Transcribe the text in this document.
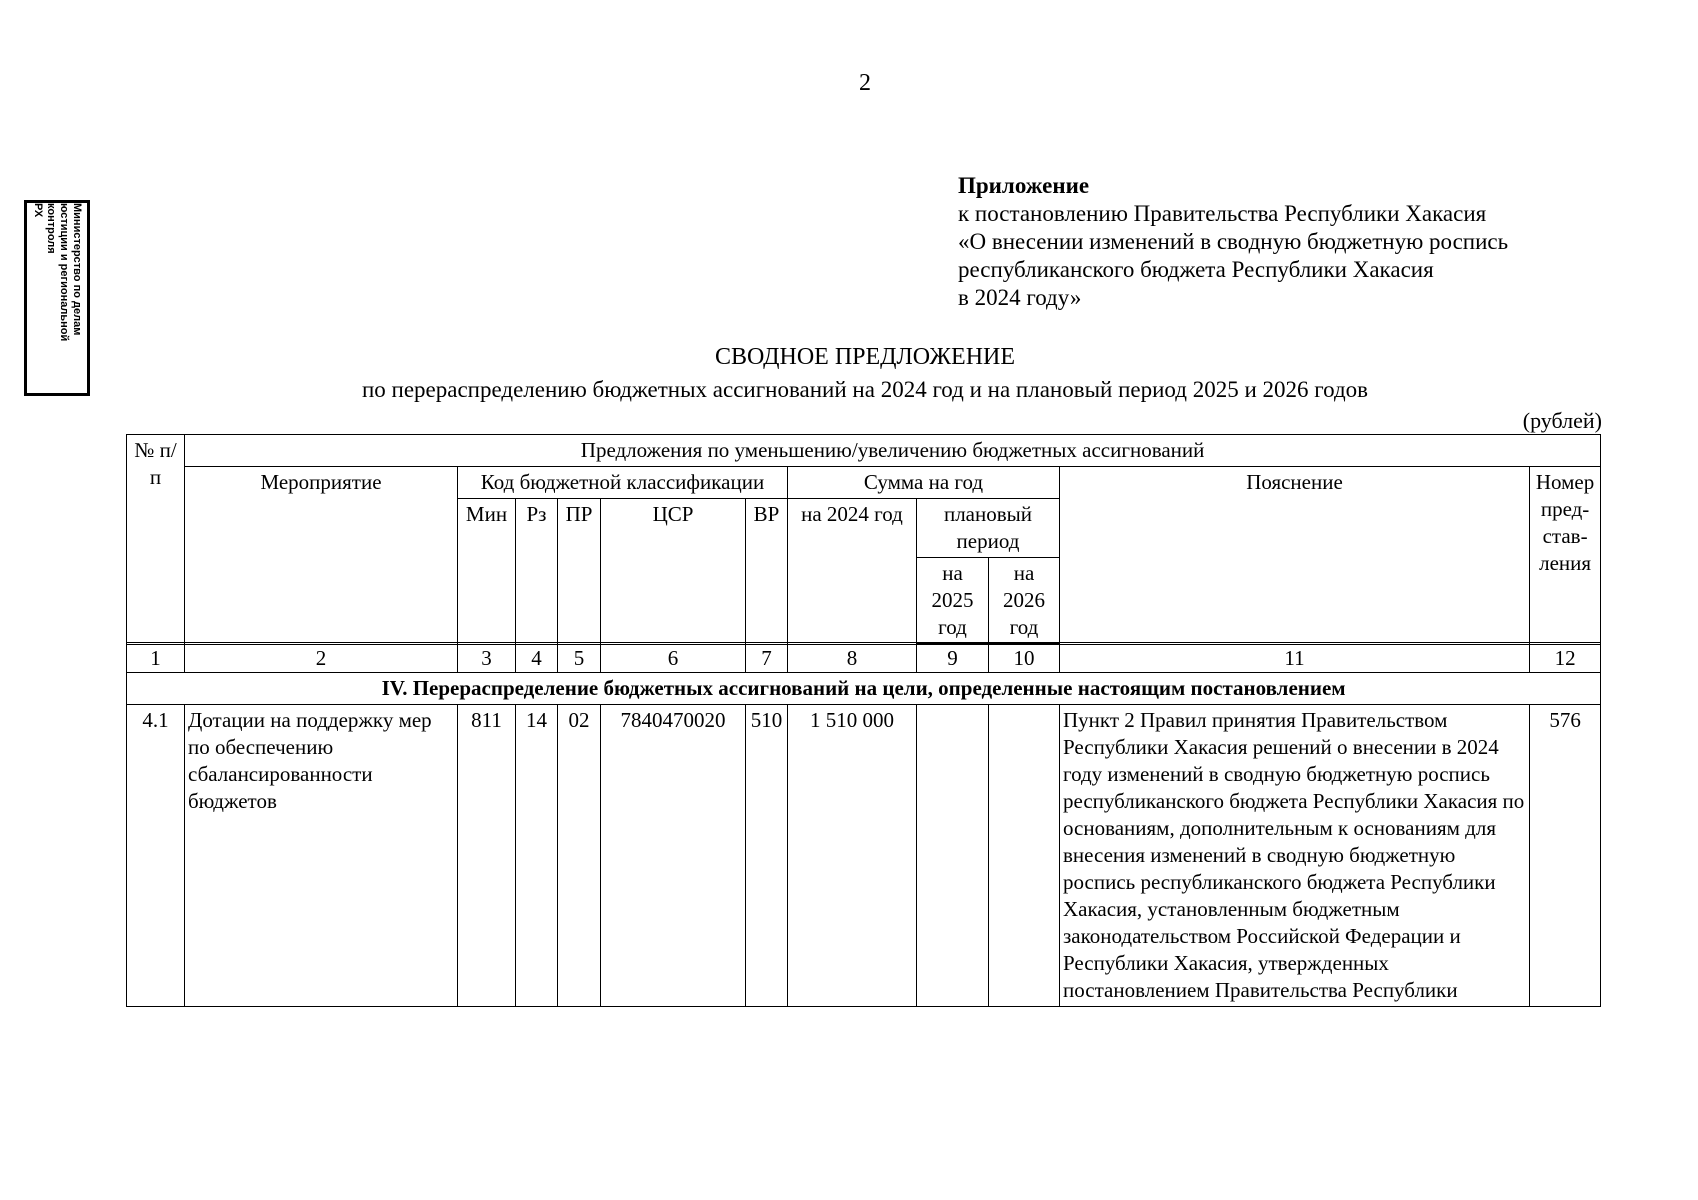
2
Министерство по делам
юстиции и региональной
контроля
РХ
Приложение
к постановлению Правительства Республики Хакасия
«О внесении изменений в сводную бюджетную роспись
республиканского бюджета Республики Хакасия
в 2024 году»
СВОДНОЕ ПРЕДЛОЖЕНИЕ
по перераспределению бюджетных ассигнований на 2024 год и на плановый период 2025 и 2026 годов
(рублей)
№ п/п	Предложения по уменьшению/увеличению бюджетных ассигнований										
	Мероприятие	Код бюджетной классификации					Сумма на год			Пояснение	Номер пред-став-ления
		Мин	Рз	ПР	ЦСР	ВР	на 2024 год	плановый период			
								на 2025 год	на 2026 год		

1	2	3	4	5	6	7	8	9	10	11	12
IV. Перераспределение бюджетных ассигнований на цели, определенные настоящим постановлением											
4.1	Дотации на поддержку мер по обеспечению сбалансированности бюджетов	811	14	02	7840470020	510	1 510 000			Пункт 2 Правил принятия Правительством Республики Хакасия решений о внесении в 2024 году изменений в сводную бюджетную роспись республиканского бюджета Республики Хакасия по основаниям, дополнительным к основаниям для внесения изменений в сводную бюджетную роспись республиканского бюджета Республики Хакасия, установленным бюджетным законодательством Российской Федерации и Республики Хакасия, утвержденных постановлением Правительства Республики	576
